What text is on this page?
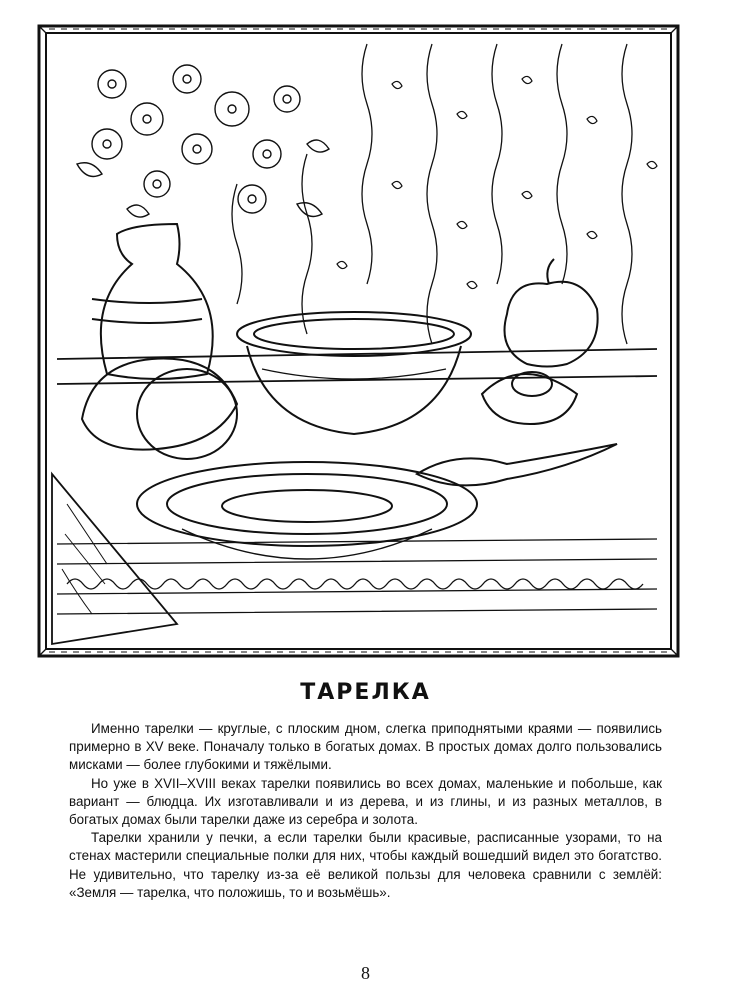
ТАРЕЛКА

Именно тарелки — круглые, с плоским дном, слегка приподнятыми краями — появились примерно в XV веке. Поначалу только в богатых домах. В простых домах долго пользовались мисками — более глубокими и тяжёлыми.

Но уже в XVII–XVIII веках тарелки появились во всех домах, маленькие и побольше, как вариант — блюдца. Их изготавливали и из дерева, и из глины, и из разных металлов, в богатых домах были тарелки даже из серебра и золота.

Тарелки хранили у печки, а если тарелки были красивые, расписанные узорами, то на стенах мастерили специальные полки для них, чтобы каждый вошедший видел это богатство. Не удивительно, что тарелку из-за её великой пользы для человека сравнили с землёй: «Земля — тарелка, что положишь, то и возьмёшь».

8
